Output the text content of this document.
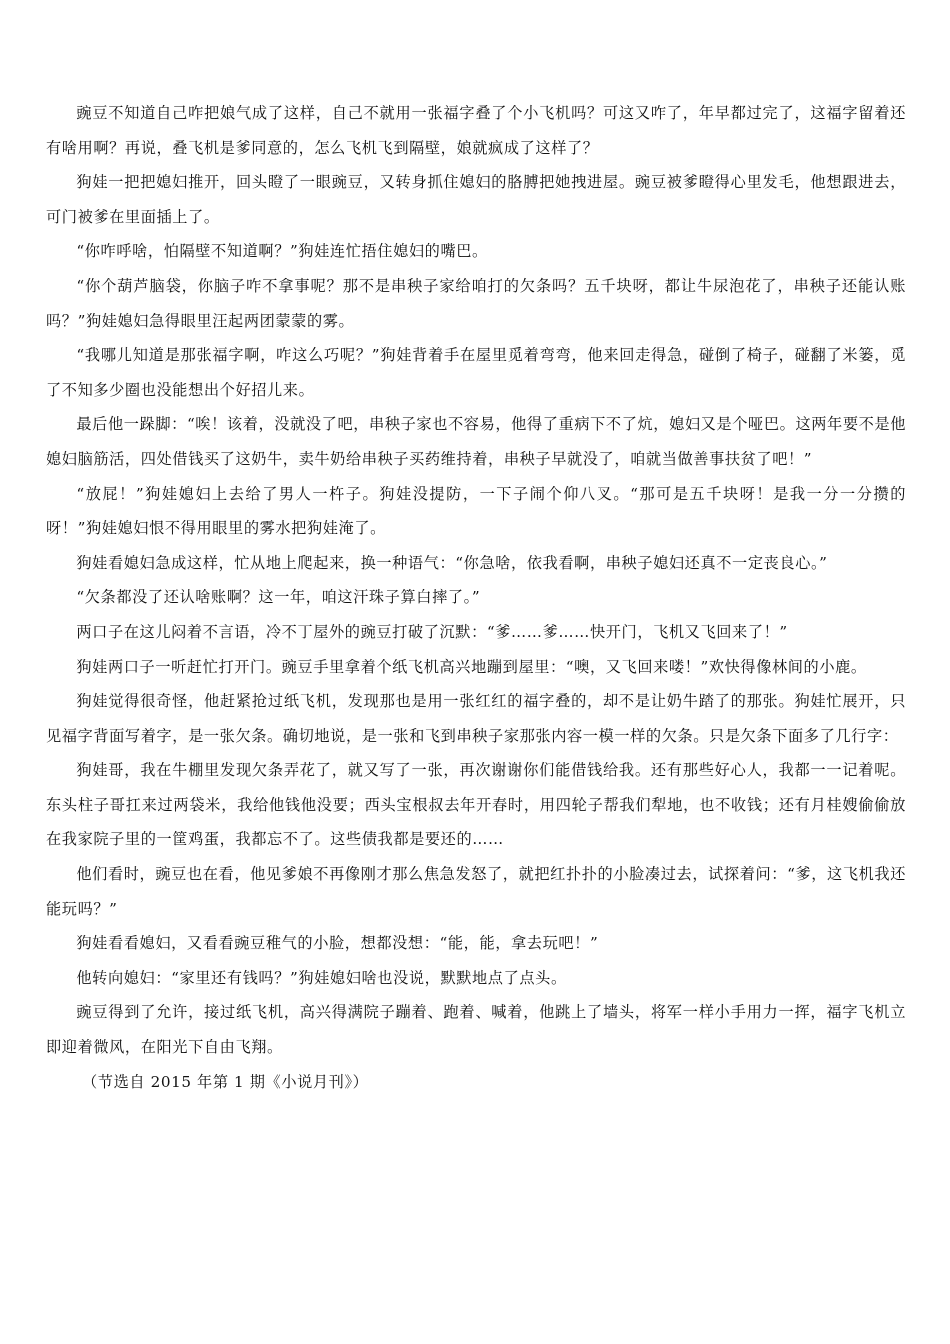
豌豆不知道自己咋把娘气成了这样，自己不就用一张福字叠了个小飞机吗？可这又咋了，年早都过完了，这福字留着还有啥用啊？再说，叠飞机是爹同意的，怎么飞机飞到隔壁，娘就疯成了这样了？

狗娃一把把媳妇推开，回头瞪了一眼豌豆，又转身抓住媳妇的胳膊把她拽进屋。豌豆被爹瞪得心里发毛，他想跟进去，可门被爹在里面插上了。

“你咋呼啥，怕隔壁不知道啊？”狗娃连忙捂住媳妇的嘴巴。

“你个葫芦脑袋，你脑子咋不拿事呢？那不是串秧子家给咱打的欠条吗？五千块呀，都让牛尿泡花了，串秧子还能认账吗？”狗娃媳妇急得眼里汪起两团蒙蒙的雾。

“我哪儿知道是那张福字啊，咋这么巧呢？”狗娃背着手在屋里觅着弯弯，他来回走得急，碰倒了椅子，碰翻了米篓，觅了不知多少圈也没能想出个好招儿来。

最后他一跺脚：“唉！该着，没就没了吧，串秧子家也不容易，他得了重病下不了炕，媳妇又是个哑巴。这两年要不是他媳妇脑筋活，四处借钱买了这奶牛，卖牛奶给串秧子买药维持着，串秧子早就没了，咱就当做善事扶贫了吧！”

“放屁！”狗娃媳妇上去给了男人一杵子。狗娃没提防，一下子闹个仰八叉。“那可是五千块呀！是我一分一分攒的呀！”狗娃媳妇恨不得用眼里的雾水把狗娃淹了。

狗娃看媳妇急成这样，忙从地上爬起来，换一种语气：“你急啥，依我看啊，串秧子媳妇还真不一定丧良心。”

“欠条都没了还认啥账啊？这一年，咱这汗珠子算白摔了。”

两口子在这儿闷着不言语，冷不丁屋外的豌豆打破了沉默：“爹……爹……快开门，飞机又飞回来了！”

狗娃两口子一听赶忙打开门。豌豆手里拿着个纸飞机高兴地蹦到屋里：“噢，又飞回来喽！”欢快得像林间的小鹿。

狗娃觉得很奇怪，他赶紧抢过纸飞机，发现那也是用一张红红的福字叠的，却不是让奶牛踏了的那张。狗娃忙展开，只见福字背面写着字，是一张欠条。确切地说，是一张和飞到串秧子家那张内容一模一样的欠条。只是欠条下面多了几行字：

狗娃哥，我在牛棚里发现欠条弄花了，就又写了一张，再次谢谢你们能借钱给我。还有那些好心人，我都一一记着呢。东头柱子哥扛来过两袋米，我给他钱他没要；西头宝根叔去年开春时，用四轮子帮我们犁地，也不收钱；还有月桂嫂偷偷放在我家院子里的一筐鸡蛋，我都忘不了。这些债我都是要还的……

他们看时，豌豆也在看，他见爹娘不再像刚才那么焦急发怒了，就把红扑扑的小脸凑过去，试探着问：“爹，这飞机我还能玩吗？”

狗娃看看媳妇，又看看豌豆稚气的小脸，想都没想：“能，能，拿去玩吧！”

他转向媳妇：“家里还有钱吗？”狗娃媳妇啥也没说，默默地点了点头。

豌豆得到了允许，接过纸飞机，高兴得满院子蹦着、跑着、喊着，他跳上了墙头，将军一样小手用力一挥，福字飞机立即迎着微风，在阳光下自由飞翔。

（节选自 2015 年第 1 期《小说月刊》）
